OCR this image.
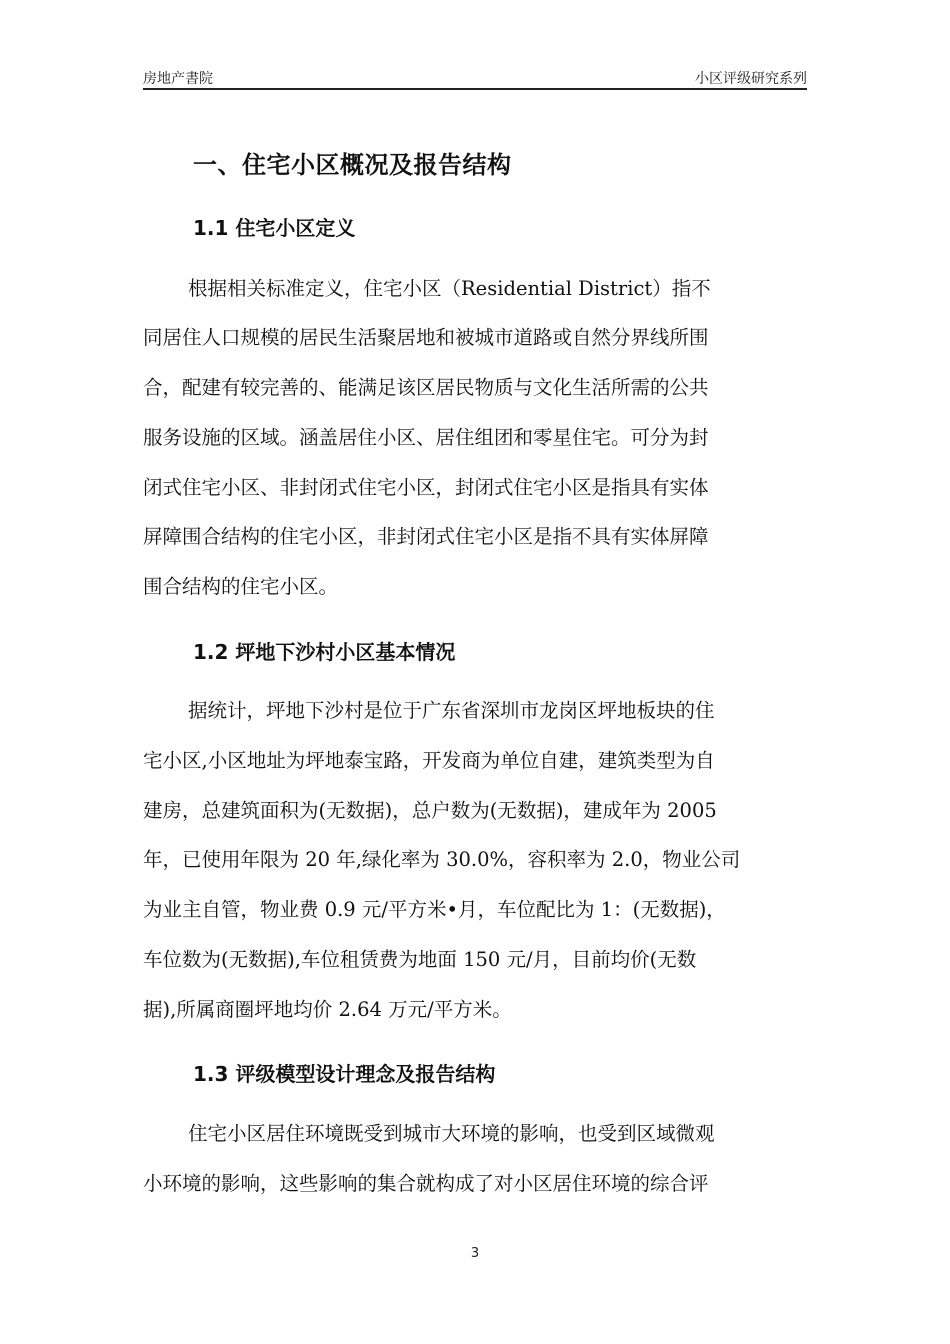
房地产書院	小区评级研究系列
一、住宅小区概况及报告结构
1.1 住宅小区定义
根据相关标准定义，住宅小区（Residential District）指不
同居住人口规模的居民生活聚居地和被城市道路或自然分界线所围
合，配建有较完善的、能满足该区居民物质与文化生活所需的公共
服务设施的区域。涵盖居住小区、居住组团和零星住宅。可分为封
闭式住宅小区、非封闭式住宅小区，封闭式住宅小区是指具有实体
屏障围合结构的住宅小区，非封闭式住宅小区是指不具有实体屏障
围合结构的住宅小区。
1.2 坪地下沙村小区基本情况
据统计，坪地下沙村是位于广东省深圳市龙岗区坪地板块的住
宅小区,小区地址为坪地泰宝路，开发商为单位自建，建筑类型为自
建房，总建筑面积为(无数据)，总户数为(无数据)，建成年为 2005
年，已使用年限为 20 年,绿化率为 30.0%，容积率为 2.0，物业公司
为业主自管，物业费 0.9 元/平方米•月，车位配比为 1：(无数据)，
车位数为(无数据),车位租赁费为地面 150 元/月，目前均价(无数
据),所属商圈坪地均价 2.64 万元/平方米。
1.3 评级模型设计理念及报告结构
住宅小区居住环境既受到城市大环境的影响，也受到区域微观
小环境的影响，这些影响的集合就构成了对小区居住环境的综合评
3
